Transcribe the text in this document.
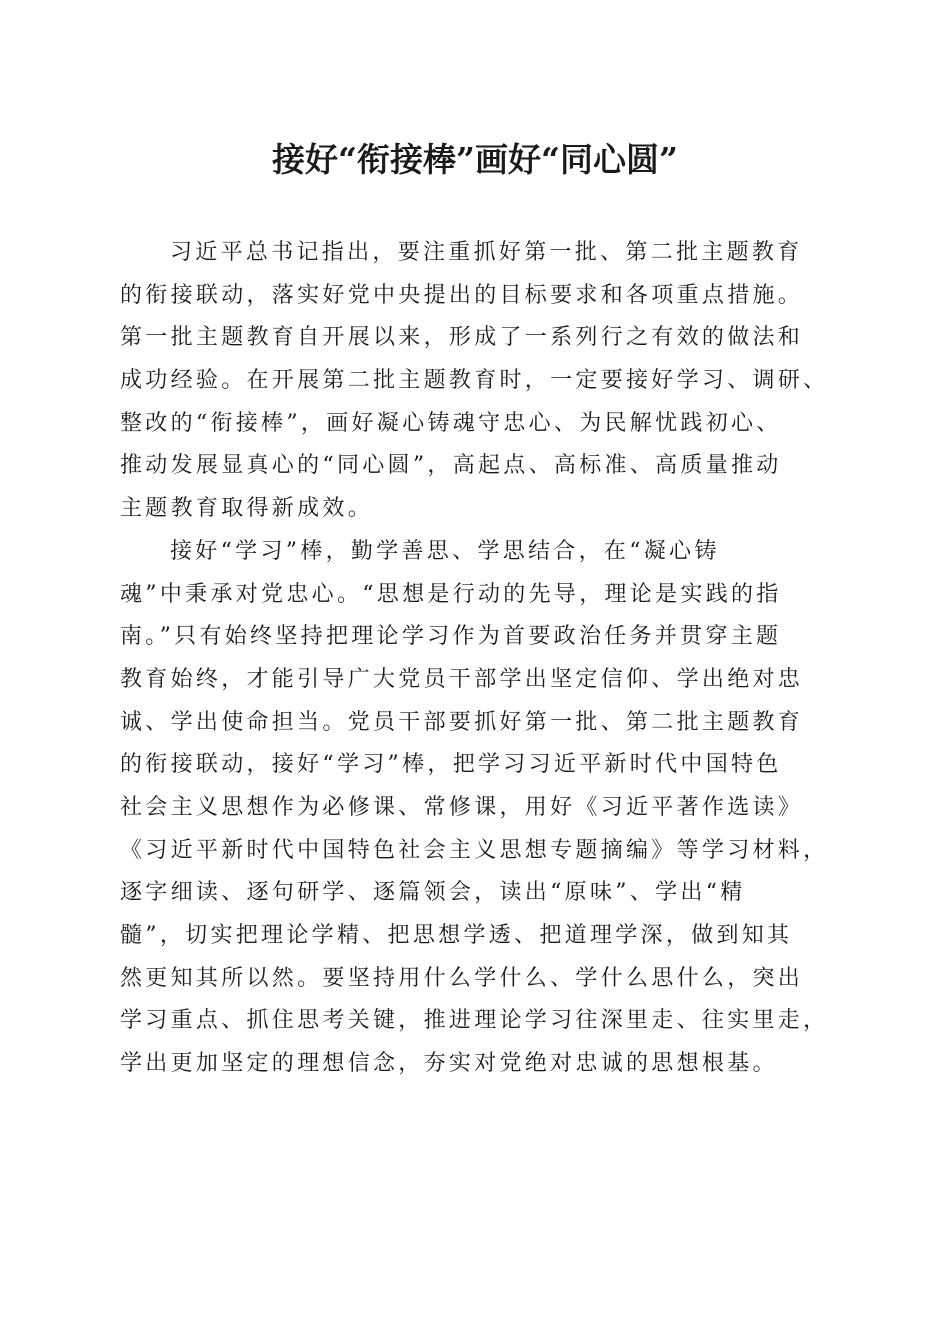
接好“衔接棒”画好“同心圆”

习近平总书记指出，要注重抓好第一批、第二批主题教育
的衔接联动，落实好党中央提出的目标要求和各项重点措施。
第一批主题教育自开展以来，形成了一系列行之有效的做法和
成功经验。在开展第二批主题教育时，一定要接好学习、调研、
整改的“衔接棒”，画好凝心铸魂守忠心、为民解忧践初心、
推动发展显真心的“同心圆”，高起点、高标准、高质量推动
主题教育取得新成效。

接好“学习”棒，勤学善思、学思结合，在“凝心铸
魂”中秉承对党忠心。“思想是行动的先导，理论是实践的指
南。”只有始终坚持把理论学习作为首要政治任务并贯穿主题
教育始终，才能引导广大党员干部学出坚定信仰、学出绝对忠
诚、学出使命担当。党员干部要抓好第一批、第二批主题教育
的衔接联动，接好“学习”棒，把学习习近平新时代中国特色
社会主义思想作为必修课、常修课，用好《习近平著作选读》
《习近平新时代中国特色社会主义思想专题摘编》等学习材料，
逐字细读、逐句研学、逐篇领会，读出“原味”、学出“精
髓”，切实把理论学精、把思想学透、把道理学深，做到知其
然更知其所以然。要坚持用什么学什么、学什么思什么，突出
学习重点、抓住思考关键，推进理论学习往深里走、往实里走，
学出更加坚定的理想信念，夯实对党绝对忠诚的思想根基。
